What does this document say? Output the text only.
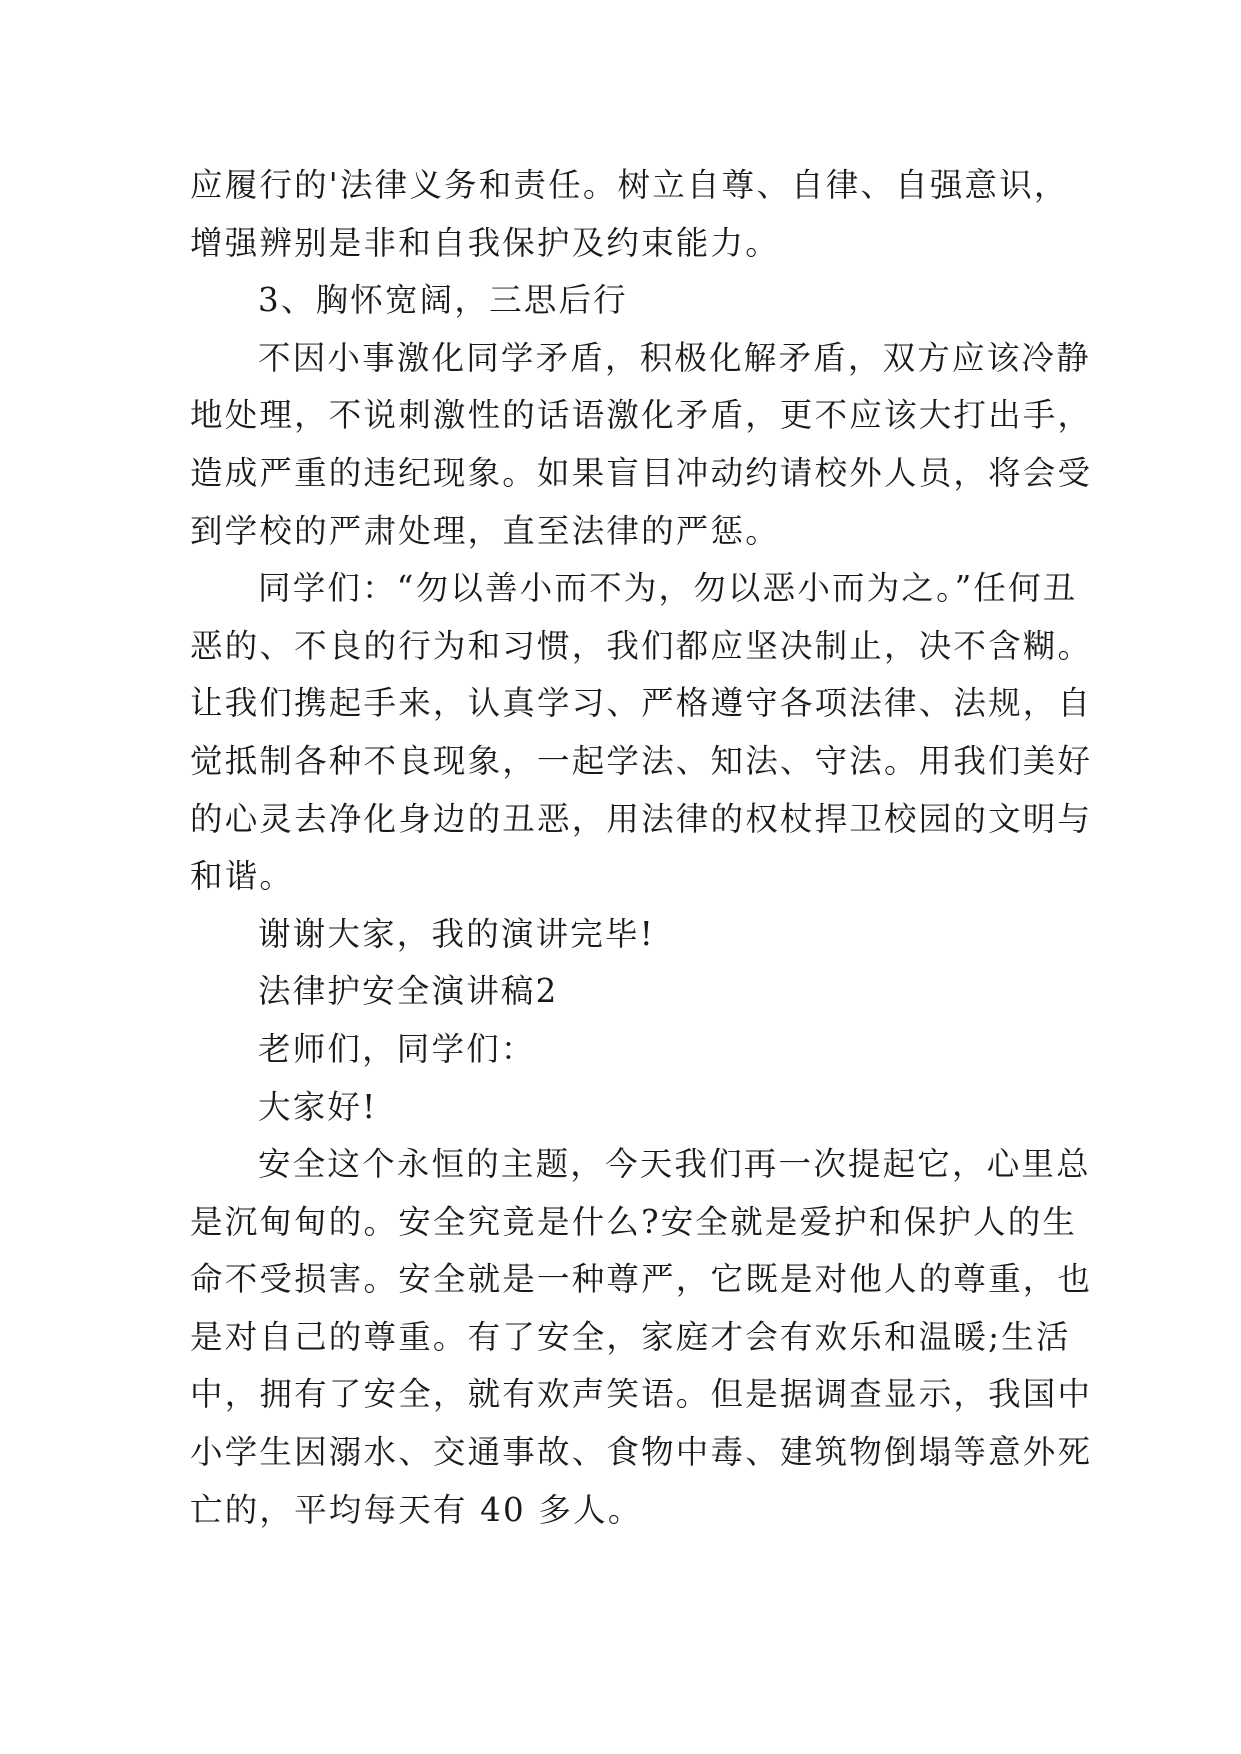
应履行的'法律义务和责任。树立自尊、自律、自强意识，
增强辨别是非和自我保护及约束能力。
3、胸怀宽阔，三思后行
不因小事激化同学矛盾，积极化解矛盾，双方应该冷静
地处理，不说刺激性的话语激化矛盾，更不应该大打出手，
造成严重的违纪现象。如果盲目冲动约请校外人员，将会受
到学校的严肃处理，直至法律的严惩。
同学们：“勿以善小而不为，勿以恶小而为之。”任何丑
恶的、不良的行为和习惯，我们都应坚决制止，决不含糊。
让我们携起手来，认真学习、严格遵守各项法律、法规，自
觉抵制各种不良现象，一起学法、知法、守法。用我们美好
的心灵去净化身边的丑恶，用法律的权杖捍卫校园的文明与
和谐。
谢谢大家，我的演讲完毕!
法律护安全演讲稿2
老师们，同学们：
大家好!
安全这个永恒的主题，今天我们再一次提起它，心里总
是沉甸甸的。安全究竟是什么?安全就是爱护和保护人的生
命不受损害。安全就是一种尊严，它既是对他人的尊重，也
是对自己的尊重。有了安全，家庭才会有欢乐和温暖;生活
中，拥有了安全，就有欢声笑语。但是据调查显示，我国中
小学生因溺水、交通事故、食物中毒、建筑物倒塌等意外死
亡的，平均每天有 40 多人。
